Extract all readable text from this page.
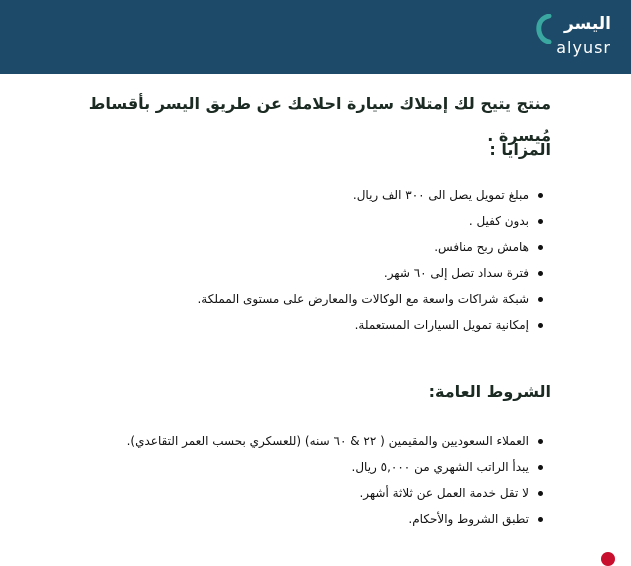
اليسر
alyusr

منتج يتيح لك إمتلاك سيارة احلامك عن طريق اليسر بأقساط مُيسرة .

المزايا :
مبلغ تمويل يصل الى ٣٠٠ الف ريال.
بدون كفيل .
هامش ربح منافس.
فترة سداد تصل إلى ٦٠ شهر.
شبكة شراكات واسعة مع الوكالات والمعارض على مستوى المملكة.
إمكانية تمويل السيارات المستعملة.
الشروط العامة:
العملاء السعوديين والمقيمين ( ٢٢ & ٦٠ سنه) (للعسكري بحسب العمر التقاعدي).
يبدأ الراتب الشهري من ٥,٠٠٠ ريال.
لا تقل خدمة العمل عن ثلاثة أشهر.
تطبق الشروط والأحكام.
